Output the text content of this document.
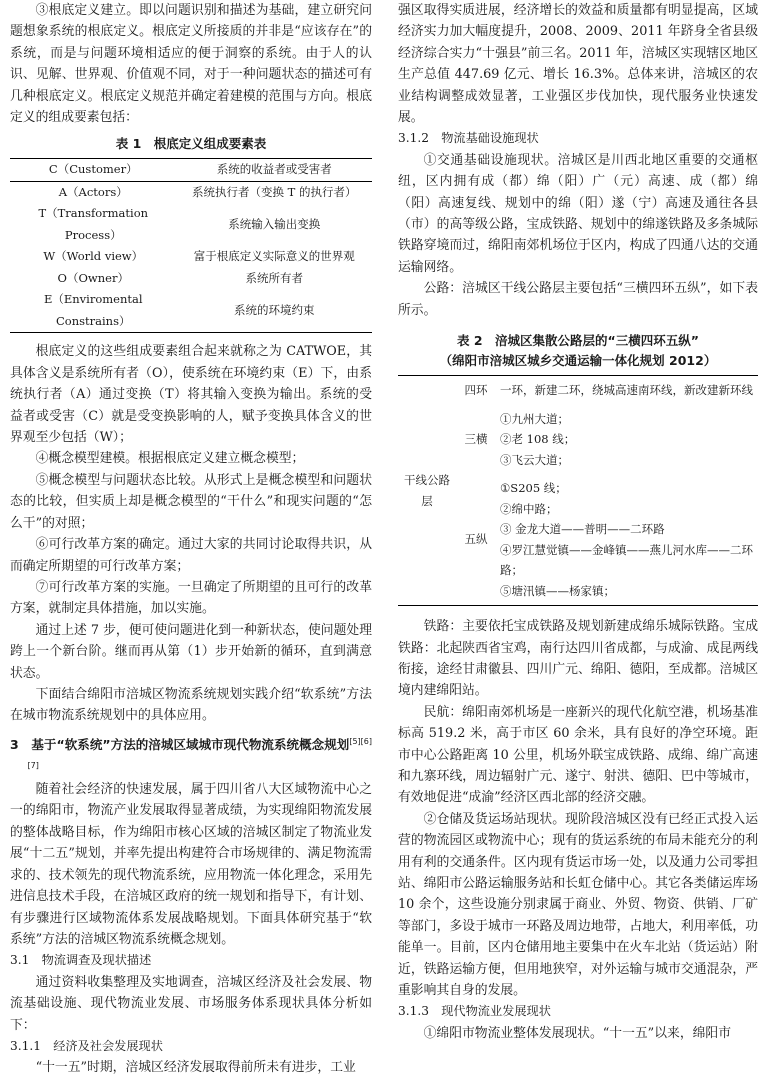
③根底定义建立。即以问题识别和描述为基础，建立研究问题想象系统的根底定义。根底定义所接质的并非是“应该存在”的系统，而是与问题环境相适应的便于洞察的系统。由于人的认识、见解、世界观、价值观不同，对于一种问题状态的描述可有几种根底定义。根底定义规范并确定着建模的范围与方向。根底定义的组成要素包括：

表 1　根底定义组成要素表
C（Customer）	系统的收益者或受害者
A（Actors）	系统执行者（变换 T 的执行者）
T（Transformation Process）	系统输入输出变换
W（World view）	富于根底定义实际意义的世界观
O（Owner）	系统所有者
E（Enviromental Constrains）	系统的环境约束

根底定义的这些组成要素组合起来就称之为 CATWOE，其具体含义是系统所有者（O），使系统在环境约束（E）下，由系统执行者（A）通过变换（T）将其输入变换为输出。系统的受益者或受害（C）就是受变换影响的人，赋予变换具体含义的世界观至少包括（W）；

④概念模型建模。根据根底定义建立概念模型；

⑤概念模型与问题状态比较。从形式上是概念模型和问题状态的比较，但实质上却是概念模型的“干什么”和现实问题的“怎么干”的对照；

⑥可行改革方案的确定。通过大家的共同讨论取得共识，从而确定所期望的可行改革方案；

⑦可行改革方案的实施。一旦确定了所期望的且可行的改革方案，就制定具体措施，加以实施。

通过上述 7 步，便可使问题进化到一种新状态，使问题处理跨上一个新台阶。继而再从第（1）步开始新的循环，直到满意状态。

下面结合绵阳市涪城区物流系统规划实践介绍“软系统”方法在城市物流系统规划中的具体应用。

3　基于“软系统”方法的涪城区域城市现代物流系统概念规划[5][6][7]

随着社会经济的快速发展，属于四川省八大区域物流中心之一的绵阳市，物流产业发展取得显著成绩，为实现绵阳物流发展的整体战略目标，作为绵阳市核心区域的涪城区制定了物流业发展“十二五”规划，并率先提出构建符合市场规律的、满足物流需求的、技术领先的现代物流系统，应用物流一体化理念，采用先进信息技术手段，在涪城区政府的统一规划和指导下，有计划、有步骤进行区域物流体系发展战略规划。下面具体研究基于“软系统”方法的涪城区物流系统概念规划。

3.1　物流调查及现状描述

通过资料收集整理及实地调查，涪城区经济及社会发展、物流基础设施、现代物流业发展、市场服务体系现状具体分析如下：

3.1.1　经济及社会发展现状

“十一五”时期，涪城区经济发展取得前所未有进步，工业

强区取得实质进展，经济增长的效益和质量都有明显提高，区域经济实力加大幅度提升，2008、2009、2011 年跻身全省县级经济综合实力“十强县”前三名。2011 年，涪城区实现辖区地区生产总值 447.69 亿元、增长 16.3%。总体来讲，涪城区的农业结构调整成效显著，工业强区步伐加快，现代服务业快速发展。

3.1.2　物流基础设施现状

①交通基础设施现状。涪城区是川西北地区重要的交通枢纽，区内拥有成（都）绵（阳）广（元）高速、成（都）绵（阳）高速复线、规划中的绵（阳）遂（宁）高速及通往各县（市）的高等级公路，宝成铁路、规划中的绵遂铁路及多条城际铁路穿境而过，绵阳南郊机场位于区内，构成了四通八达的交通运输网络。

公路：涪城区干线公路层主要包括“三横四环五纵”，如下表所示。

表 2　涪城区集散公路层的“三横四环五纵”
（绵阳市涪城区城乡交通运输一体化规划 2012）
干线公路层	四环	一环，新建二环，绕城高速南环线，新改建新环线

	三横	①九州大道；
②老 108 线；
③飞云大道；

	五纵	①S205 线；
②绵中路；
③ 金龙大道——普明——二环路
④罗江慧觉镇——金峰镇——燕儿河水库——二环路；
⑤塘汛镇——杨家镇；

铁路：主要依托宝成铁路及规划新建成绵乐城际铁路。宝成铁路：北起陕西省宝鸡，南行达四川省成都，与成渝、成昆两线衔接，途经甘肃徽县、四川广元、绵阳、德阳，至成都。涪城区境内建绵阳站。

民航：绵阳南郊机场是一座新兴的现代化航空港，机场基准标高 519.2 米，高于市区 60 余米，具有良好的净空环境。距市中心公路距离 10 公里，机场外联宝成铁路、成绵、绵广高速和九寨环线，周边辐射广元、遂宁、射洪、德阳、巴中等城市，有效地促进“成渝”经济区西北部的经济交融。

②仓储及货运场站现状。现阶段涪城区没有已经正式投入运营的物流园区或物流中心；现有的货运系统的布局未能充分的利用有利的交通条件。区内现有货运市场一处，以及通力公司零担站、绵阳市公路运输服务站和长虹仓储中心。其它各类储运库场 10 余个，这些设施分别隶属于商业、外贸、物资、供销、厂矿等部门，多设于城市一环路及周边地带，占地大，利用率低，功能单一。目前，区内仓储用地主要集中在火车北站（货运站）附近，铁路运输方便，但用地狭窄，对外运输与城市交通混杂，严重影响其自身的发展。

3.1.3　现代物流业发展现状

①绵阳市物流业整体发展现状。“十一五”以来，绵阳市
